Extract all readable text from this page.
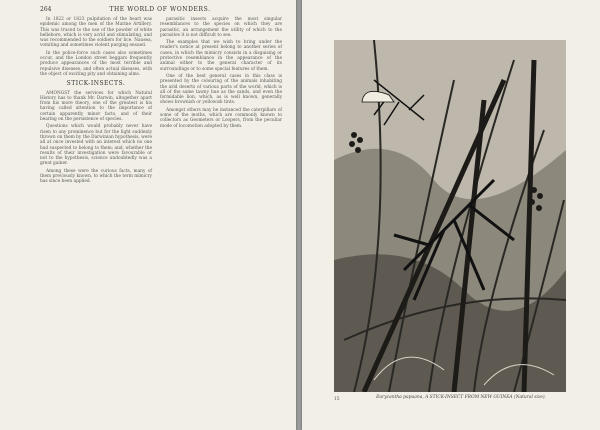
264	THE WORLD OF WONDERS.

In 1822 or 1823 pulpitation of the heart was epidemic among the men of the Marine Artillery. This was traced to the use of the powder of white hellebore, which is very acrid and stimulating, and was recommended to the soldiers for lice. Nausea, vomiting and sometimes violent purging ensued.

In the police-force such cases also sometimes occur, and the London street beggars frequently produce appearances of the most terrible and repulsive diseases, and often actual diseases, with the object of exciting pity and obtaining alms.

STICK-INSECTS.

AMONGST the services for which Natural History has to thank Mr. Darwin, altogether apart from his more theory, one of the greatest is his having called attention to the importance of certain apparently minor facts, and of their bearing on the persistence of species.

Questions which would probably never have risen to any prominence but for the light suddenly thrown on them by the Darwinian hypothesis, were all at once invested with an interest which no one had suspected to belong to them; and, whether the results of their investigation were favourable or not to the hypothesis, science undoubtedly was a great gainer.

Among these were the curious facts, many of them previously known, to which the term mimicry has since been applied.

parasitic insects acquire the most singular resemblances to the species on which they are parasitic, an arrangement the utility of which to the parasites it is not difficult to see.

The examples that we wish to bring under the reader's notice at present belong to another series of cases, in which the mimicry consists in a disguising or protective resemblance in the appearance of the animal either to the general character of its surroundings or to some special features of them.

One of the best general cases in this class is presented by the colouring of the animals inhabiting the arid deserts of various parts of the world, which is all of the same tawny hue as the sands, and even the formidable lion, which, as is well known, generally shows brownish or yellowish tints.

Amongst others may be instanced the caterpillars of some of the moths, which are commonly known to collectors as Geometers or Loopers, from the peculiar mode of locomotion adopted by them.

15	Eurycantha papuana, A STICK-INSECT FROM NEW GUINEA (Natural size).
